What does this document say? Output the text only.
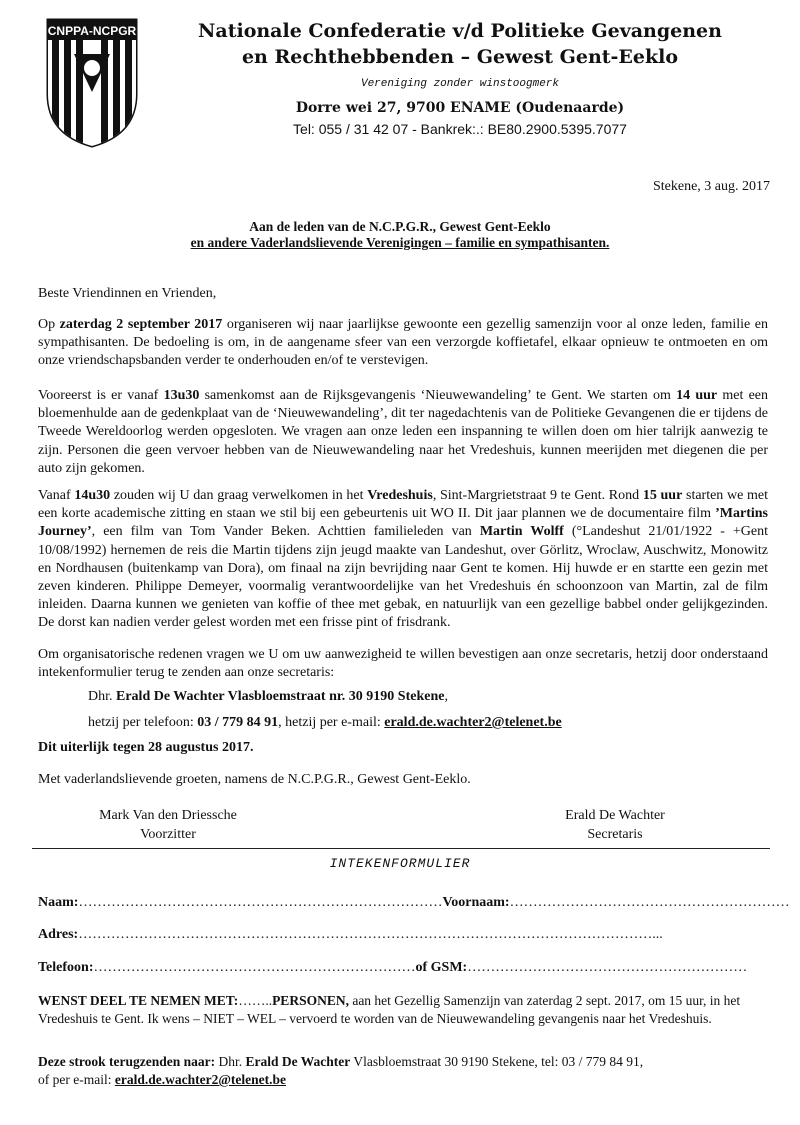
CNPPA-NCPGR	Nationale Confederatie v/d Politieke Gevangenen
en Rechthebbenden – Gewest Gent-Eeklo
Vereniging zonder winstoogmerk
Dorre wei 27, 9700 ENAME (Oudenaarde)
Tel: 055 / 31 42 07 - Bankrek:.: BE80.2900.5395.7077
Stekene, 3 aug. 2017
Aan de leden van de N.C.P.G.R., Gewest Gent-Eeklo
en andere Vaderlandslievende Verenigingen – familie en sympathisanten.
Beste Vriendinnen en Vrienden,
Op zaterdag 2 september 2017 organiseren wij naar jaarlijkse gewoonte een gezellig samenzijn voor al onze leden, familie en sympathisanten. De bedoeling is om, in de aangename sfeer van een verzorgde koffietafel, elkaar opnieuw te ontmoeten en om onze vriendschapsbanden verder te onderhouden en/of te verstevigen.
Vooreerst is er vanaf 13u30 samenkomst aan de Rijksgevangenis ‘Nieuwewandeling’ te Gent. We starten om 14 uur met een bloemenhulde aan de gedenkplaat van de ‘Nieuwewandeling’, dit ter nagedachtenis van de Politieke Gevangenen die er tijdens de Tweede Wereldoorlog werden opgesloten. We vragen aan onze leden een inspanning te willen doen om hier talrijk aanwezig te zijn. Personen die geen vervoer hebben van de Nieuwewandeling naar het Vredeshuis, kunnen meerijden met diegenen die per auto zijn gekomen.
Vanaf 14u30 zouden wij U dan graag verwelkomen in het Vredeshuis, Sint-Margrietstraat 9 te Gent. Rond 15 uur starten we met een korte academische zitting en staan we stil bij een gebeurtenis uit WO II. Dit jaar plannen we de documentaire film ’Martins Journey’, een film van Tom Vander Beken. Achttien familieleden van Martin Wolff (°Landeshut 21/01/1922 - +Gent 10/08/1992) hernemen de reis die Martin tijdens zijn jeugd maakte van Landeshut, over Görlitz, Wroclaw, Auschwitz, Monowitz en Nordhausen (buitenkamp van Dora), om finaal na zijn bevrijding naar Gent te komen. Hij huwde er en startte een gezin met zeven kinderen. Philippe Demeyer, voormalig verantwoordelijke van het Vredeshuis én schoonzoon van Martin, zal de film inleiden. Daarna kunnen we genieten van koffie of thee met gebak, en natuurlijk van een gezellige babbel onder gelijkgezinden. De dorst kan nadien verder gelest worden met een frisse pint of frisdrank.
Om organisatorische redenen vragen we U om uw aanwezigheid te willen bevestigen aan onze secretaris, hetzij door onderstaand intekenformulier terug te zenden aan onze secretaris:
Dhr. Erald De Wachter Vlasbloemstraat nr. 30 9190 Stekene,
hetzij per telefoon: 03 / 779 84 91, hetzij per e-mail: erald.de.wachter2@telenet.be
Dit uiterlijk tegen 28 augustus 2017.
Met vaderlandslievende groeten, namens de N.C.P.G.R., Gewest Gent-Eeklo.
Mark Van den Driessche
Voorzitter
Erald De Wachter
Secretaris
INTEKENFORMULIER
Naam:……………………………………………………………………Voornaam:……………………………………………………
Adres:……………………………………………………………………………………………………………...
Telefoon:……………………………………………………………of GSM:……………………………………………………
WENST DEEL TE NEMEN MET:……..PERSONEN, aan het Gezellig Samenzijn van zaterdag 2 sept. 2017, om 15 uur, in het Vredeshuis te Gent. Ik wens – NIET – WEL – vervoerd te worden van de Nieuwewandeling gevangenis naar het Vredeshuis.
Deze strook terugzenden naar: Dhr. Erald De Wachter Vlasbloemstraat 30 9190 Stekene, tel: 03 / 779 84 91,
of per e-mail: erald.de.wachter2@telenet.be
